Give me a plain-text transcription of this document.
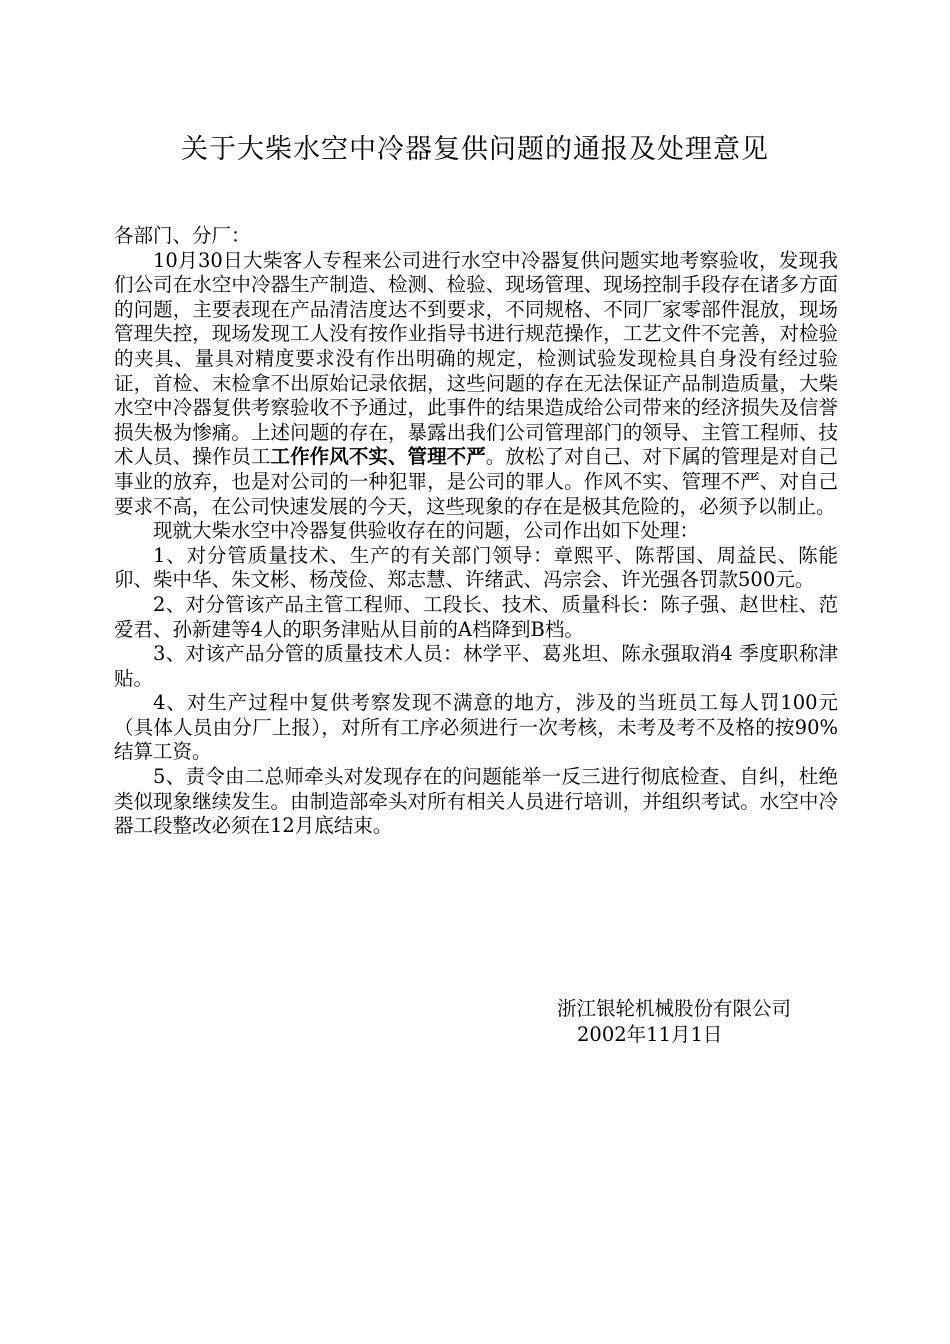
关于大柴水空中冷器复供问题的通报及处理意见

各部门、分厂：

10月30日大柴客人专程来公司进行水空中冷器复供问题实地考察验收，发现我们公司在水空中冷器生产制造、检测、检验、现场管理、现场控制手段存在诸多方面的问题，主要表现在产品清洁度达不到要求，不同规格、不同厂家零部件混放，现场管理失控，现场发现工人没有按作业指导书进行规范操作，工艺文件不完善，对检验的夹具、量具对精度要求没有作出明确的规定，检测试验发现检具自身没有经过验证，首检、末检拿不出原始记录依据，这些问题的存在无法保证产品制造质量，大柴水空中冷器复供考察验收不予通过，此事件的结果造成给公司带来的经济损失及信誉损失极为惨痛。上述问题的存在，暴露出我们公司管理部门的领导、主管工程师、技术人员、操作员工工作作风不实、管理不严。放松了对自己、对下属的管理是对自己事业的放弃，也是对公司的一种犯罪，是公司的罪人。作风不实、管理不严、对自己要求不高，在公司快速发展的今天，这些现象的存在是极其危险的，必须予以制止。

现就大柴水空中冷器复供验收存在的问题，公司作出如下处理：

1、对分管质量技术、生产的有关部门领导：章熙平、陈帮国、周益民、陈能卯、柴中华、朱文彬、杨茂俭、郑志慧、许绪武、冯宗会、许光强各罚款500元。

2、对分管该产品主管工程师、工段长、技术、质量科长：陈子强、赵世柱、范爱君、孙新建等4人的职务津贴从目前的A档降到B档。

3、对该产品分管的质量技术人员：林学平、葛兆坦、陈永强取消4 季度职称津贴。

4、对生产过程中复供考察发现不满意的地方，涉及的当班员工每人罚100元（具体人员由分厂上报），对所有工序必须进行一次考核，未考及考不及格的按90%结算工资。

5、责令由二总师牵头对发现存在的问题能举一反三进行彻底检查、自纠，杜绝类似现象继续发生。由制造部牵头对所有相关人员进行培训，并组织考试。水空中冷器工段整改必须在12月底结束。

浙江银轮机械股份有限公司
2002年11月1日
